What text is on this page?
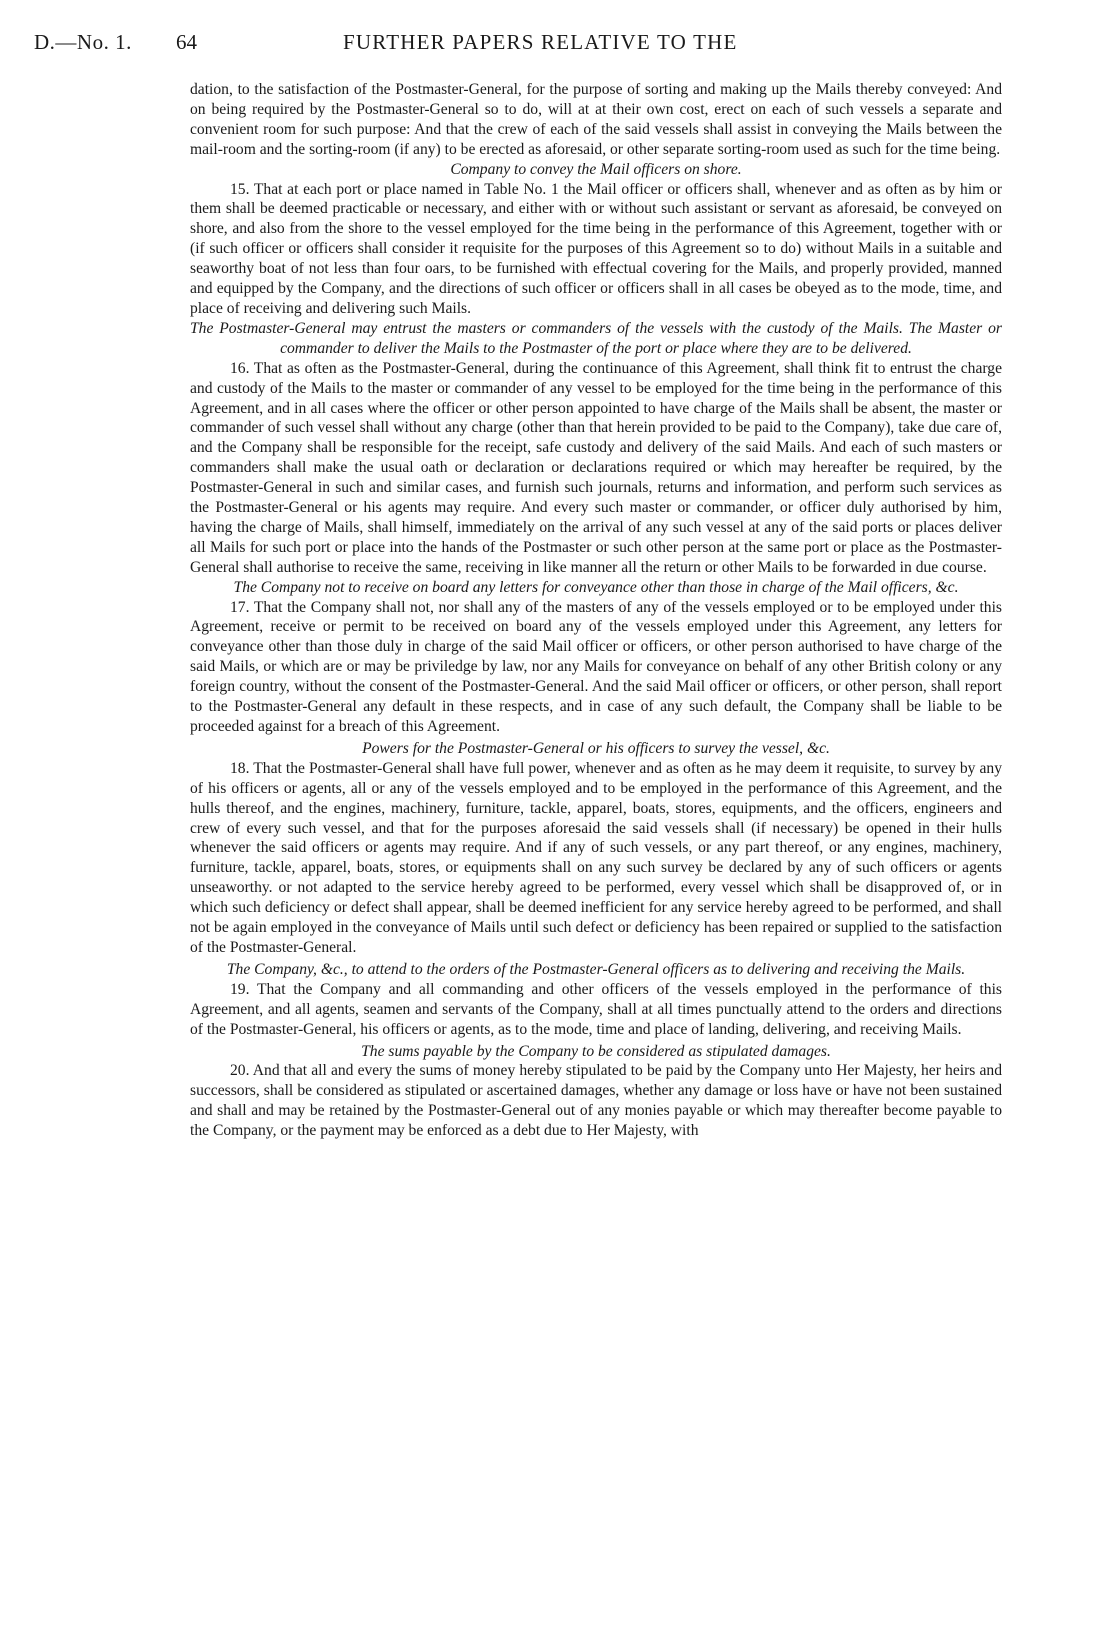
D.—No. 1. 64	FURTHER PAPERS RELATIVE TO THE

dation, to the satisfaction of the Postmaster-General, for the purpose of sorting and making up the Mails thereby conveyed: And on being required by the Postmaster-General so to do, will at at their own cost, erect on each of such vessels a separate and convenient room for such purpose: And that the crew of each of the said vessels shall assist in conveying the Mails between the mail-room and the sorting-room (if any) to be erected as aforesaid, or other separate sorting-room used as such for the time being.

Company to convey the Mail officers on shore.

15. That at each port or place named in Table No. 1 the Mail officer or officers shall, whenever and as often as by him or them shall be deemed practicable or necessary, and either with or without such assistant or servant as aforesaid, be conveyed on shore, and also from the shore to the vessel employed for the time being in the performance of this Agreement, together with or (if such officer or officers shall consider it requisite for the purposes of this Agreement so to do) without Mails in a suitable and seaworthy boat of not less than four oars, to be furnished with effectual covering for the Mails, and properly provided, manned and equipped by the Company, and the directions of such officer or officers shall in all cases be obeyed as to the mode, time, and place of receiving and delivering such Mails.

The Postmaster-General may entrust the masters or commanders of the vessels with the custody of the Mails. The Master or commander to deliver the Mails to the Postmaster of the port or place where they are to be delivered.

16. That as often as the Postmaster-General, during the continuance of this Agreement, shall think fit to entrust the charge and custody of the Mails to the master or commander of any vessel to be employed for the time being in the performance of this Agreement, and in all cases where the officer or other person appointed to have charge of the Mails shall be absent, the master or commander of such vessel shall without any charge (other than that herein provided to be paid to the Company), take due care of, and the Company shall be responsible for the receipt, safe custody and delivery of the said Mails. And each of such masters or commanders shall make the usual oath or declaration or declarations required or which may hereafter be required, by the Postmaster-General in such and similar cases, and furnish such journals, returns and information, and perform such services as the Postmaster-General or his agents may require. And every such master or commander, or officer duly authorised by him, having the charge of Mails, shall himself, immediately on the arrival of any such vessel at any of the said ports or places deliver all Mails for such port or place into the hands of the Postmaster or such other person at the same port or place as the Postmaster-General shall authorise to receive the same, receiving in like manner all the return or other Mails to be forwarded in due course.

The Company not to receive on board any letters for conveyance other than those in charge of the Mail officers, &c.

17. That the Company shall not, nor shall any of the masters of any of the vessels employed or to be employed under this Agreement, receive or permit to be received on board any of the vessels employed under this Agreement, any letters for conveyance other than those duly in charge of the said Mail officer or officers, or other person authorised to have charge of the said Mails, or which are or may be priviledge by law, nor any Mails for conveyance on behalf of any other British colony or any foreign country, without the consent of the Postmaster-General. And the said Mail officer or officers, or other person, shall report to the Postmaster-General any default in these respects, and in case of any such default, the Company shall be liable to be proceeded against for a breach of this Agreement.

Powers for the Postmaster-General or his officers to survey the vessel, &c.

18. That the Postmaster-General shall have full power, whenever and as often as he may deem it requisite, to survey by any of his officers or agents, all or any of the vessels employed and to be employed in the performance of this Agreement, and the hulls thereof, and the engines, machinery, furniture, tackle, apparel, boats, stores, equipments, and the officers, engineers and crew of every such vessel, and that for the purposes aforesaid the said vessels shall (if necessary) be opened in their hulls whenever the said officers or agents may require. And if any of such vessels, or any part thereof, or any engines, machinery, furniture, tackle, apparel, boats, stores, or equipments shall on any such survey be declared by any of such officers or agents unseaworthy. or not adapted to the service hereby agreed to be performed, every vessel which shall be disapproved of, or in which such deficiency or defect shall appear, shall be deemed inefficient for any service hereby agreed to be performed, and shall not be again employed in the conveyance of Mails until such defect or deficiency has been repaired or supplied to the satisfaction of the Postmaster-General.

The Company, &c., to attend to the orders of the Postmaster-General officers as to delivering and receiving the Mails.

19. That the Company and all commanding and other officers of the vessels employed in the performance of this Agreement, and all agents, seamen and servants of the Company, shall at all times punctually attend to the orders and directions of the Postmaster-General, his officers or agents, as to the mode, time and place of landing, delivering, and receiving Mails.

The sums payable by the Company to be considered as stipulated damages.

20. And that all and every the sums of money hereby stipulated to be paid by the Company unto Her Majesty, her heirs and successors, shall be considered as stipulated or ascertained damages, whether any damage or loss have or have not been sustained and shall and may be retained by the Postmaster-General out of any monies payable or which may thereafter become payable to the Company, or the payment may be enforced as a debt due to Her Majesty, with
